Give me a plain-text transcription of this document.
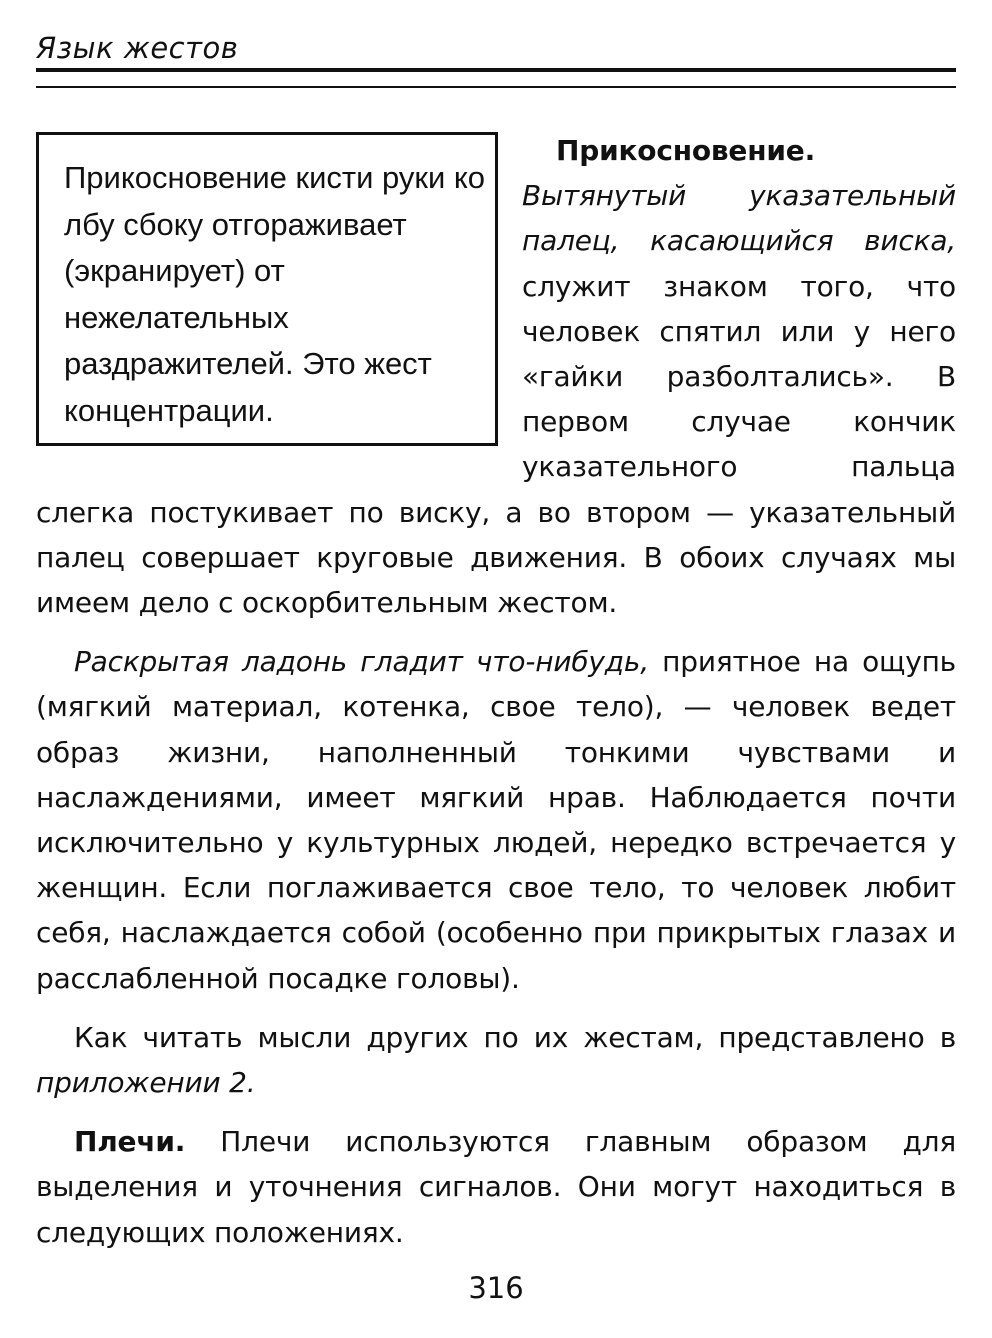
Язык жестов

Прикосновение кисти руки ко лбу сбоку отгораживает (экранирует) от нежелательных раздражителей. Это жест концентрации.

Прикосновение. Вытянутый указательный палец, касающийся виска, служит знаком того, что человек спятил или у него «гайки разболтались». В первом случае кончик указательного пальца слегка постукивает по виску, а во втором — указательный палец совершает круговые движения. В обоих случаях мы имеем дело с оскорбительным жестом.

Раскрытая ладонь гладит что-нибудь, приятное на ощупь (мягкий материал, котенка, свое тело), — человек ведет образ жизни, наполненный тонкими чувствами и наслаждениями, имеет мягкий нрав. Наблюдается почти исключительно у культурных людей, нередко встречается у женщин. Если поглаживается свое тело, то человек любит себя, наслаждается собой (особенно при прикрытых глазах и расслабленной посадке головы).

Как читать мысли других по их жестам, представлено в приложении 2.

Плечи. Плечи используются главным образом для выделения и уточнения сигналов. Они могут находиться в следующих положениях.

316
